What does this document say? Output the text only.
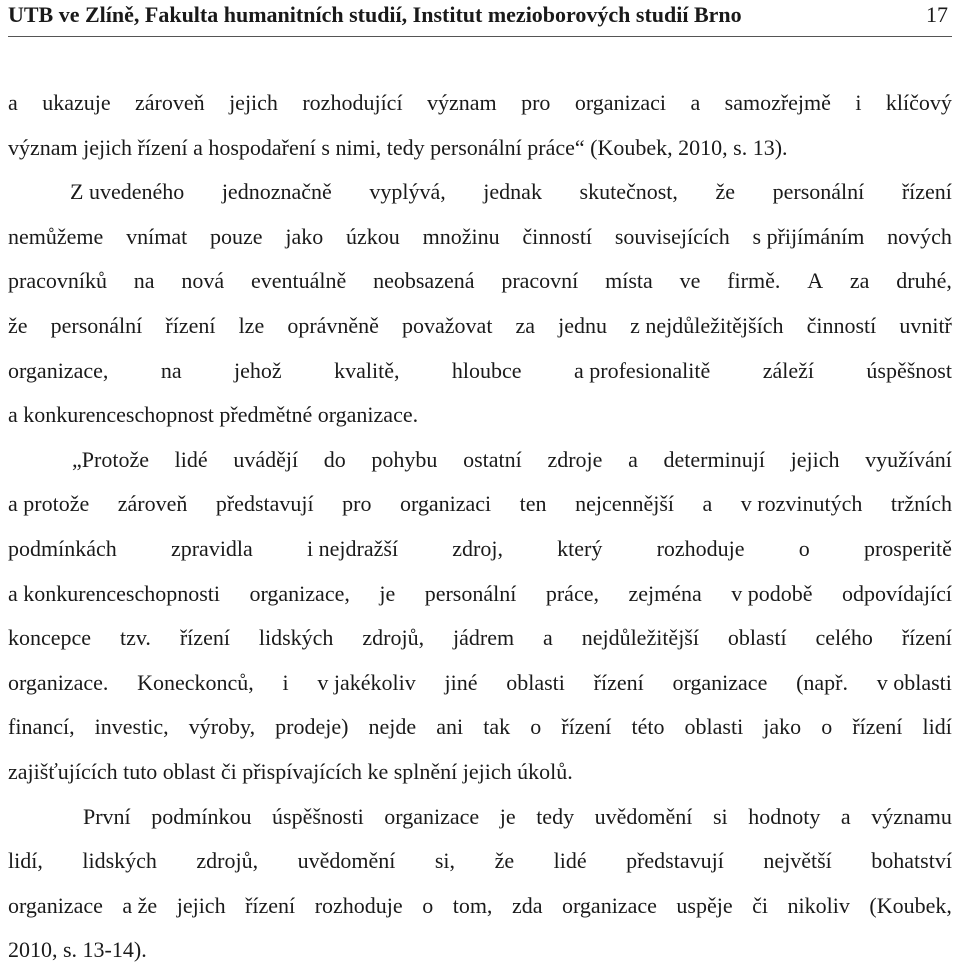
UTB ve Zlíně, Fakulta humanitních studií, Institut mezioborových studií Brno	17
a ukazuje zároveň jejich rozhodující význam pro organizaci a samozřejmě i klíčový
význam jejich řízení a hospodaření s nimi, tedy personální práce“ (Koubek, 2010, s. 13).
Z uvedeného jednoznačně vyplývá, jednak skutečnost, že personální řízení
nemůžeme vnímat pouze jako úzkou množinu činností souvisejících s přijímáním nových
pracovníků na nová eventuálně neobsazená pracovní místa ve firmě. A za druhé,
že personální řízení lze oprávněně považovat za jednu z nejdůležitějších činností uvnitř
organizace, na jehož kvalitě, hloubce a profesionalitě záleží úspěšnost
a konkurenceschopnost předmětné organizace.
„Protože lidé uvádějí do pohybu ostatní zdroje a determinují jejich využívání
a protože zároveň představují pro organizaci ten nejcennější a v rozvinutých tržních
podmínkách zpravidla i nejdražší zdroj, který rozhoduje o prosperitě
a konkurenceschopnosti organizace, je personální práce, zejména v podobě odpovídající
koncepce tzv. řízení lidských zdrojů, jádrem a nejdůležitější oblastí celého řízení
organizace. Koneckonců, i v jakékoliv jiné oblasti řízení organizace (např. v oblasti
financí, investic, výroby, prodeje) nejde ani tak o řízení této oblasti jako o řízení lidí
zajišťujících tuto oblast či přispívajících ke splnění jejich úkolů.
První podmínkou úspěšnosti organizace je tedy uvědomění si hodnoty a významu
lidí, lidských zdrojů, uvědomění si, že lidé představují největší bohatství
organizace a že jejich řízení rozhoduje o tom, zda organizace uspěje či nikoliv (Koubek,
2010, s. 13-14).
